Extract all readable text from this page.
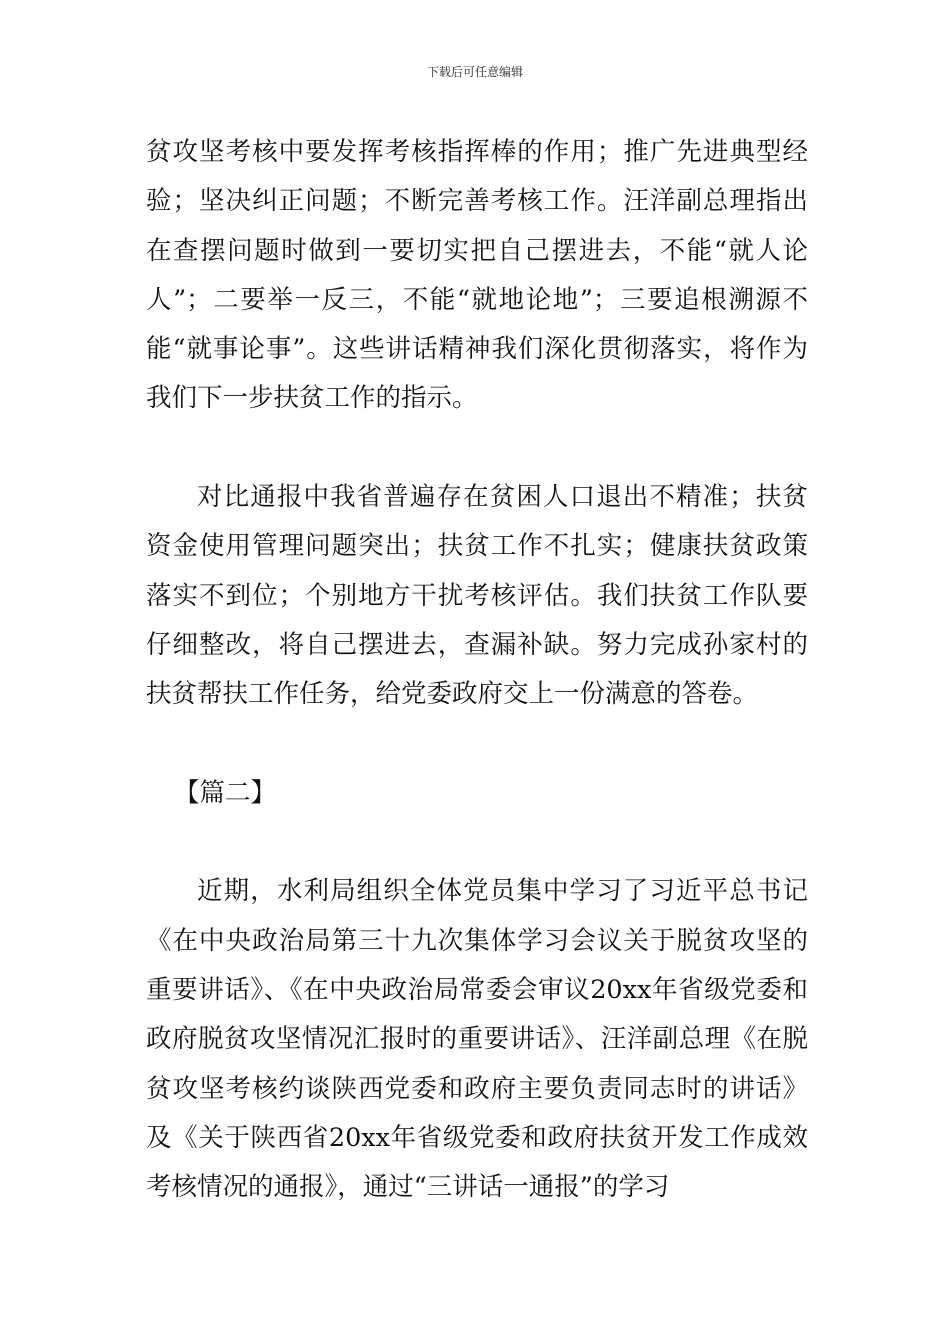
下载后可任意编辑

贫攻坚考核中要发挥考核指挥棒的作用；推广先进典型经验；坚决纠正问题；不断完善考核工作。汪洋副总理指出在查摆问题时做到一要切实把自己摆进去，不能“就人论人”；二要举一反三，不能“就地论地”；三要追根溯源不能“就事论事”。这些讲话精神我们深化贯彻落实，将作为我们下一步扶贫工作的指示。

对比通报中我省普遍存在贫困人口退出不精准；扶贫资金使用管理问题突出；扶贫工作不扎实；健康扶贫政策落实不到位；个别地方干扰考核评估。我们扶贫工作队要仔细整改，将自己摆进去，查漏补缺。努力完成孙家村的扶贫帮扶工作任务，给党委政府交上一份满意的答卷。

【篇二】

近期，水利局组织全体党员集中学习了习近平总书记《在中央政治局第三十九次集体学习会议关于脱贫攻坚的重要讲话》、《在中央政治局常委会审议20xx年省级党委和政府脱贫攻坚情况汇报时的重要讲话》、汪洋副总理《在脱贫攻坚考核约谈陕西党委和政府主要负责同志时的讲话》及《关于陕西省20xx年省级党委和政府扶贫开发工作成效考核情况的通报》，通过“三讲话一通报”的学习
